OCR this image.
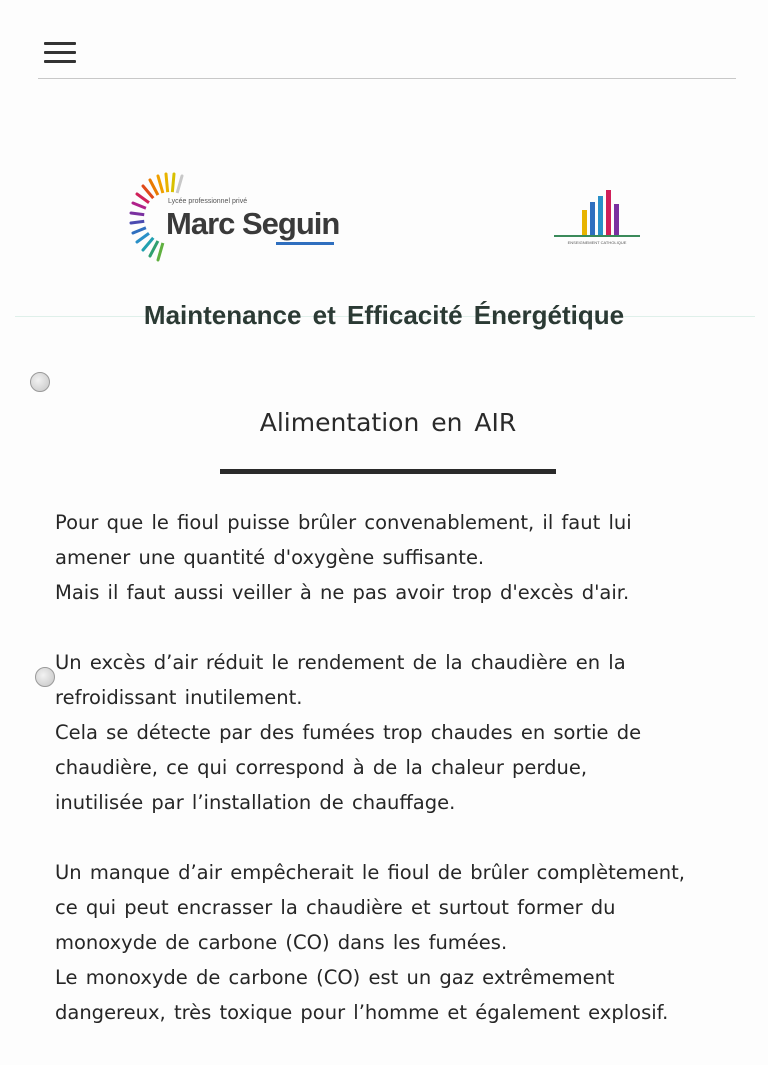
Lycée professionnel privé
Marc Seguin
ENSEIGNEMENT CATHOLIQUE
Maintenance et Efficacité Énergétique
Alimentation en AIR

Pour que le fioul puisse brûler convenablement, il faut lui
amener une quantité d'oxygène suffisante.
Mais il faut aussi veiller à ne pas avoir trop d'excès d'air.

Un excès d’air réduit le rendement de la chaudière en la
refroidissant inutilement.
Cela se détecte par des fumées trop chaudes en sortie de
chaudière, ce qui correspond à de la chaleur perdue,
inutilisée par l’installation de chauffage.

Un manque d’air empêcherait le fioul de brûler complètement,
ce qui peut encrasser la chaudière et surtout former du
monoxyde de carbone (CO) dans les fumées.
Le monoxyde de carbone (CO) est un gaz extrêmement
dangereux, très toxique pour l’homme et également explosif.
